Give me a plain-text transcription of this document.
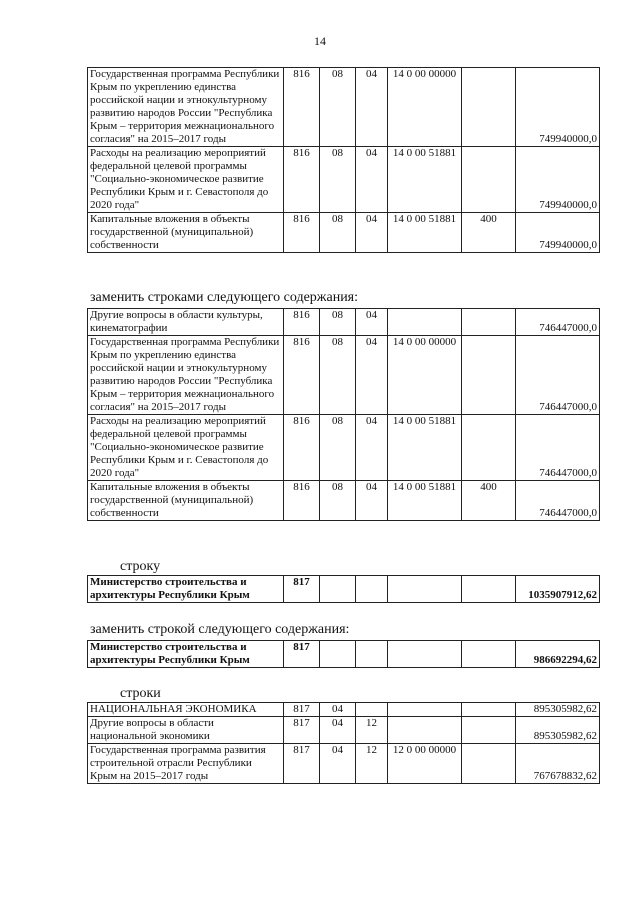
14
Государственная программа Республики Крым по укреплению единства российской нации и этнокультурному развитию народов России "Республика Крым – территория межнационального согласия" на 2015–2017 годы	816	08	04	14 0 00 00000		749940000,0
Расходы на реализацию мероприятий федеральной целевой программы "Социально-экономическое развитие Республики Крым и г. Севастополя до 2020 года"	816	08	04	14 0 00 51881		749940000,0
Капитальные вложения в объекты государственной (муниципальной) собственности	816	08	04	14 0 00 51881	400	749940000,0
заменить строками следующего содержания:
Другие вопросы в области культуры, кинематографии	816	08	04			746447000,0
Государственная программа Республики Крым по укреплению единства российской нации и этнокультурному развитию народов России "Республика Крым – территория межнационального согласия" на 2015–2017 годы	816	08	04	14 0 00 00000		746447000,0
Расходы на реализацию мероприятий федеральной целевой программы "Социально-экономическое развитие Республики Крым и г. Севастополя до 2020 года"	816	08	04	14 0 00 51881		746447000,0
Капитальные вложения в объекты государственной (муниципальной) собственности	816	08	04	14 0 00 51881	400	746447000,0
строку
Министерство строительства и архитектуры Республики Крым	817					1035907912,62
заменить строкой следующего содержания:
Министерство строительства и архитектуры Республики Крым	817					986692294,62
строки
НАЦИОНАЛЬНАЯ ЭКОНОМИКА	817	04				895305982,62
Другие вопросы в области национальной экономики	817	04	12			895305982,62
Государственная программа развития строительной отрасли Республики Крым на 2015–2017 годы	817	04	12	12 0 00 00000		767678832,62
